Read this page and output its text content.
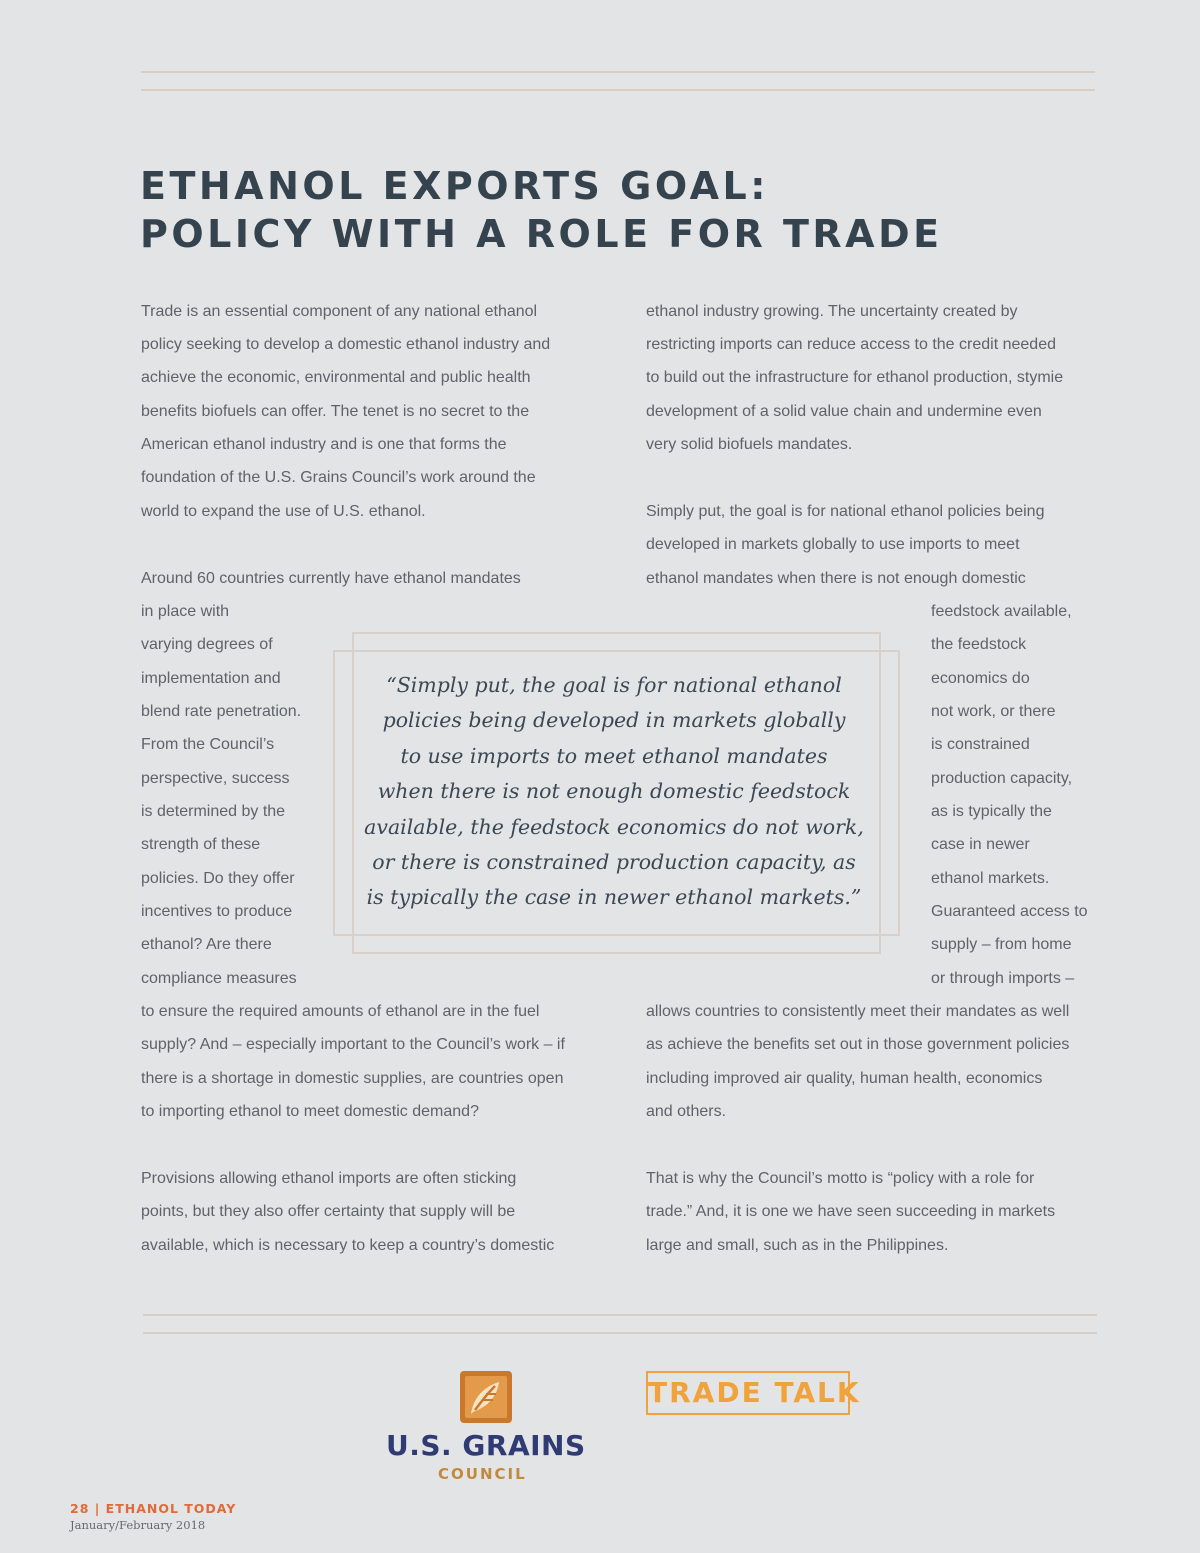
ETHANOL EXPORTS GOAL:
POLICY WITH A ROLE FOR TRADE
Trade is an essential component of any national ethanol
policy seeking to develop a domestic ethanol industry and
achieve the economic, environmental and public health
benefits biofuels can offer. The tenet is no secret to the
American ethanol industry and is one that forms the
foundation of the U.S. Grains Council’s work around the
world to expand the use of U.S. ethanol.
Around 60 countries currently have ethanol mandates
in place with
varying degrees of
implementation and
blend rate penetration.
From the Council’s
perspective, success
is determined by the
strength of these
policies. Do they offer
incentives to produce
ethanol? Are there
compliance measures
to ensure the required amounts of ethanol are in the fuel
supply? And – especially important to the Council’s work – if
there is a shortage in domestic supplies, are countries open
to importing ethanol to meet domestic demand?
Provisions allowing ethanol imports are often sticking
points, but they also offer certainty that supply will be
available, which is necessary to keep a country’s domestic
ethanol industry growing. The uncertainty created by
restricting imports can reduce access to the credit needed
to build out the infrastructure for ethanol production, stymie
development of a solid value chain and undermine even
very solid biofuels mandates.
Simply put, the goal is for national ethanol policies being
developed in markets globally to use imports to meet
ethanol mandates when there is not enough domestic
feedstock available,
the feedstock
economics do
not work, or there
is constrained
production capacity,
as is typically the
case in newer
ethanol markets.
Guaranteed access to
supply – from home
or through imports –
allows countries to consistently meet their mandates as well
as achieve the benefits set out in those government policies
including improved air quality, human health, economics
and others.
That is why the Council’s motto is “policy with a role for
trade.” And, it is one we have seen succeeding in markets
large and small, such as in the Philippines.
“Simply put, the goal is for national ethanol
policies being developed in markets globally
to use imports to meet ethanol mandates
when there is not enough domestic feedstock
available, the feedstock economics do not work,
or there is constrained production capacity, as
is typically the case in newer ethanol markets.”
U.S. GRAINS
COUNCIL
TRADE TALK
28 | ETHANOL TODAY
January/February 2018
